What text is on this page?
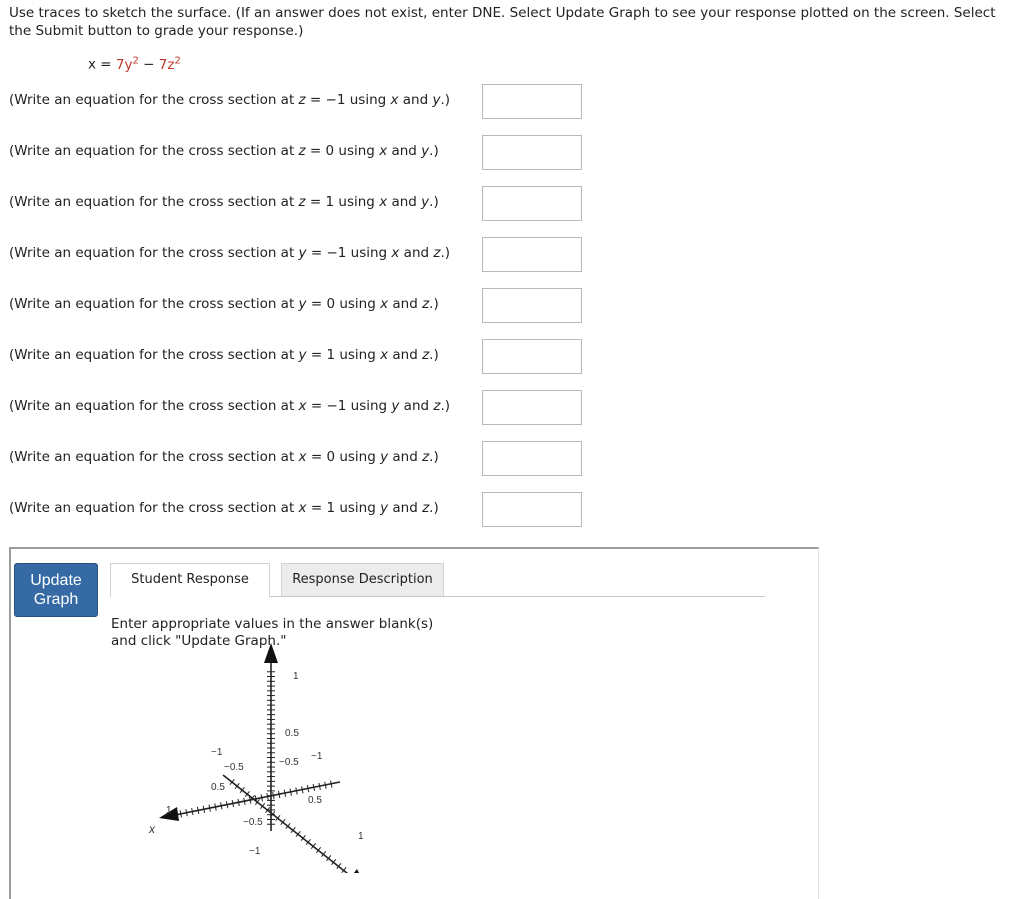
Use traces to sketch the surface. (If an answer does not exist, enter DNE. Select Update Graph to see your response plotted on the screen. Select the Submit button to grade your response.)
$x = 7y^2 - 7z^2$
(Write an equation for the cross section at z = −1 using x and y.)
(Write an equation for the cross section at z = 0 using x and y.)
(Write an equation for the cross section at z = 1 using x and y.)
(Write an equation for the cross section at y = −1 using x and z.)
(Write an equation for the cross section at y = 0 using x and z.)
(Write an equation for the cross section at y = 1 using x and z.)
(Write an equation for the cross section at x = −1 using y and z.)
(Write an equation for the cross section at x = 0 using y and z.)
(Write an equation for the cross section at x = 1 using y and z.)
Update
Graph
Student Response	Response Description
Enter appropriate values in the answer blank(s)
and click "Update Graph."
x
1
0.5
−0.5
−1
−1
−0.5
0.5
1
−1
−0.5
0.5
1
